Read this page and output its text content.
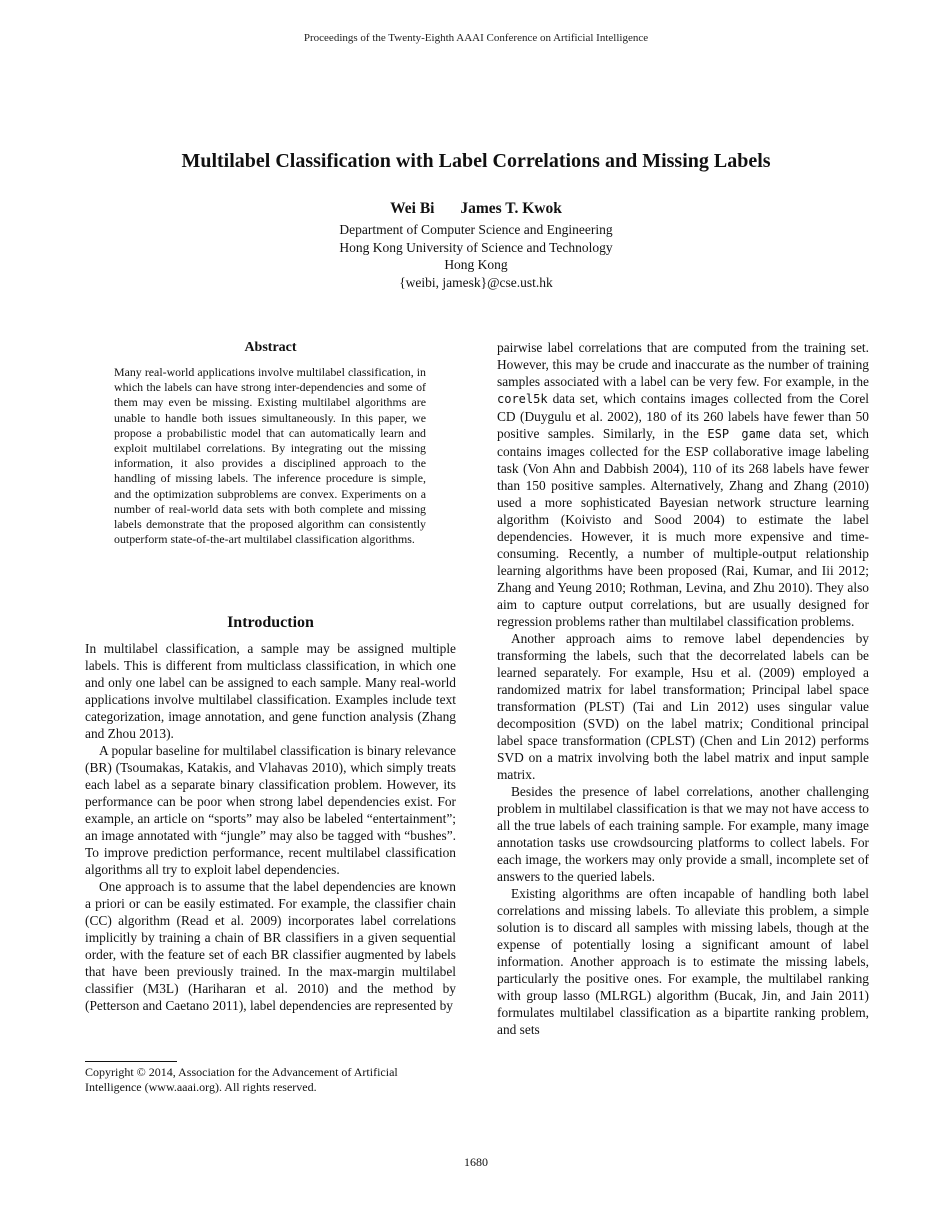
Proceedings of the Twenty-Eighth AAAI Conference on Artificial Intelligence
Multilabel Classification with Label Correlations and Missing Labels
Wei Bi James T. Kwok
Department of Computer Science and Engineering
Hong Kong University of Science and Technology
Hong Kong
{weibi, jamesk}@cse.ust.hk
Abstract
Many real-world applications involve multilabel classification, in which the labels can have strong inter-dependencies and some of them may even be missing. Existing multilabel algorithms are unable to handle both issues simultaneously. In this paper, we propose a probabilistic model that can automatically learn and exploit multilabel correlations. By integrating out the missing information, it also provides a disciplined approach to the handling of missing labels. The inference procedure is simple, and the optimization subproblems are convex. Experiments on a number of real-world data sets with both complete and missing labels demonstrate that the proposed algorithm can consistently outperform state-of-the-art multilabel classification algorithms.
Introduction

In multilabel classification, a sample may be assigned multiple labels. This is different from multiclass classification, in which one and only one label can be assigned to each sample. Many real-world applications involve multilabel classification. Examples include text categorization, image annotation, and gene function analysis (Zhang and Zhou 2013).

A popular baseline for multilabel classification is binary relevance (BR) (Tsoumakas, Katakis, and Vlahavas 2010), which simply treats each label as a separate binary classification problem. However, its performance can be poor when strong label dependencies exist. For example, an article on “sports” may also be labeled “entertainment”; an image annotated with “jungle” may also be tagged with “bushes”. To improve prediction performance, recent multilabel classification algorithms all try to exploit label dependencies.

One approach is to assume that the label dependencies are known a priori or can be easily estimated. For example, the classifier chain (CC) algorithm (Read et al. 2009) incorporates label correlations implicitly by training a chain of BR classifiers in a given sequential order, with the feature set of each BR classifier augmented by labels that have been previously trained. In the max-margin multilabel classifier (M3L) (Hariharan et al. 2010) and the method by (Petterson and Caetano 2011), label dependencies are represented by

Copyright © 2014, Association for the Advancement of Artificial Intelligence (www.aaai.org). All rights reserved.

pairwise label correlations that are computed from the training set. However, this may be crude and inaccurate as the number of training samples associated with a label can be very few. For example, in the corel5k data set, which contains images collected from the Corel CD (Duygulu et al. 2002), 180 of its 260 labels have fewer than 50 positive samples. Similarly, in the ESP game data set, which contains images collected for the ESP collaborative image labeling task (Von Ahn and Dabbish 2004), 110 of its 268 labels have fewer than 150 positive samples. Alternatively, Zhang and Zhang (2010) used a more sophisticated Bayesian network structure learning algorithm (Koivisto and Sood 2004) to estimate the label dependencies. However, it is much more expensive and time-consuming. Recently, a number of multiple-output relationship learning algorithms have been proposed (Rai, Kumar, and Iii 2012; Zhang and Yeung 2010; Rothman, Levina, and Zhu 2010). They also aim to capture output correlations, but are usually designed for regression problems rather than multilabel classification problems.

Another approach aims to remove label dependencies by transforming the labels, such that the decorrelated labels can be learned separately. For example, Hsu et al. (2009) employed a randomized matrix for label transformation; Principal label space transformation (PLST) (Tai and Lin 2012) uses singular value decomposition (SVD) on the label matrix; Conditional principal label space transformation (CPLST) (Chen and Lin 2012) performs SVD on a matrix involving both the label matrix and input sample matrix.

Besides the presence of label correlations, another challenging problem in multilabel classification is that we may not have access to all the true labels of each training sample. For example, many image annotation tasks use crowdsourcing platforms to collect labels. For each image, the workers may only provide a small, incomplete set of answers to the queried labels.

Existing algorithms are often incapable of handling both label correlations and missing labels. To alleviate this problem, a simple solution is to discard all samples with missing labels, though at the expense of potentially losing a significant amount of label information. Another approach is to estimate the missing labels, particularly the positive ones. For example, the multilabel ranking with group lasso (MLRGL) algorithm (Bucak, Jin, and Jain 2011) formulates multilabel classification as a bipartite ranking problem, and sets

1680
